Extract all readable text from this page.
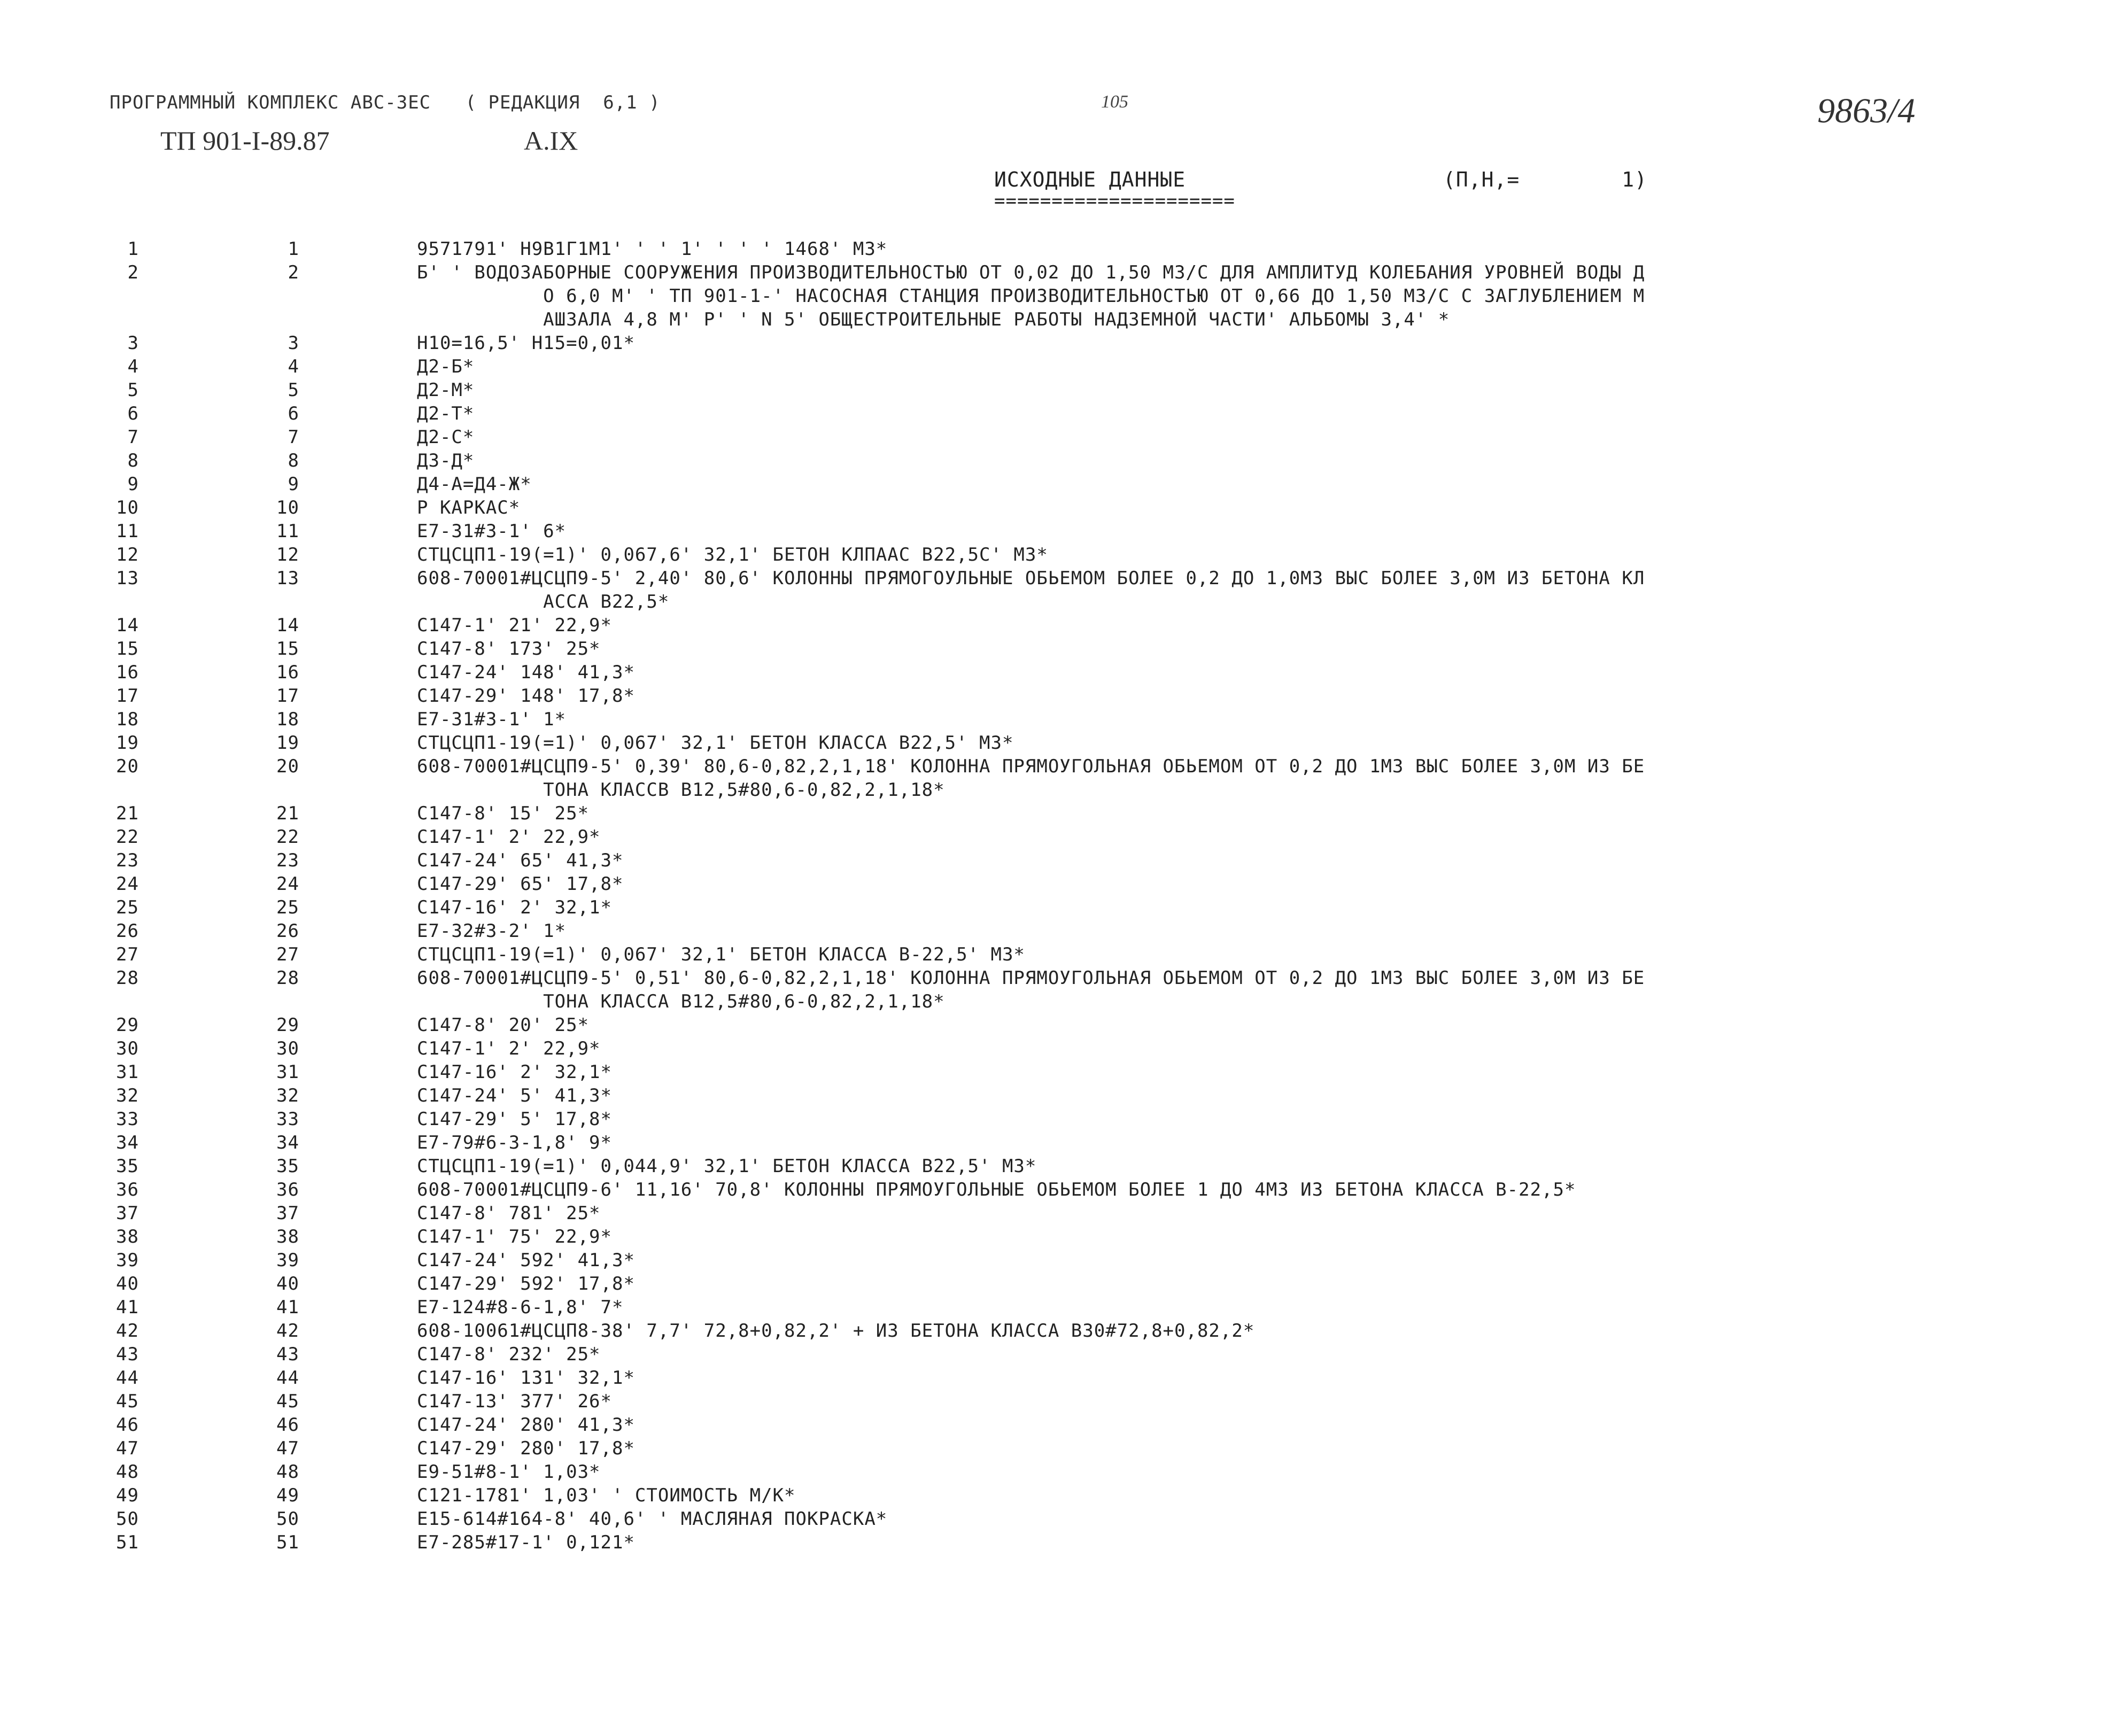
ПРОГРАММНЫЙ КОМПЛЕКС АВС-ЗЕС   ( РЕДАКЦИЯ  6,1 )	105	9863/4
ТП 901-I-89.87	А.IX
ИСХОДНЫЕ ДАННЫЕ
=====================
(П,Н,=        1)
1	1	9571791' Н9В1Г1М1' ' ' 1' ' ' ' 1468' М3*
2	2	Б' ' ВОДОЗАБОРНЫЕ СООРУЖЕНИЯ ПРОИЗВОДИТЕЛЬНОСТЬЮ ОТ 0,02 ДО 1,50 М3/С ДЛЯ АМПЛИТУД КОЛЕБАНИЯ УРОВНЕЙ ВОДЫ Д
О 6,0 М' ' ТП 901-1-' НАСОСНАЯ СТАНЦИЯ ПРОИЗВОДИТЕЛЬНОСТЬЮ ОТ 0,66 ДО 1,50 М3/С С ЗАГЛУБЛЕНИЕМ М
АШЗАЛА 4,8 М' Р' ' N 5' ОБЩЕСТРОИТЕЛЬНЫЕ РАБОТЫ НАДЗЕМНОЙ ЧАСТИ' АЛЬБОМЫ 3,4' *
3	3	Н10=16,5' Н15=0,01*
4	4	Д2-Б*
5	5	Д2-М*
6	6	Д2-Т*
7	7	Д2-С*
8	8	Д3-Д*
9	9	Д4-А=Д4-Ж*
10	10	Р КАРКАС*
11	11	Е7-31#3-1' 6*
12	12	СТЦСЦП1-19(=1)' 0,067,6' 32,1' БЕТОН КЛПААС В22,5С' М3*
13	13	608-70001#ЦСЦП9-5' 2,40' 80,6' КОЛОННЫ ПРЯМОГОУЛЬНЫЕ ОБЬЕМОМ БОЛЕЕ 0,2 ДО 1,0М3 ВЫС БОЛЕЕ 3,0М ИЗ БЕТОНА КЛ
АССА В22,5*
14	14	С147-1' 21' 22,9*
15	15	С147-8' 173' 25*
16	16	С147-24' 148' 41,3*
17	17	С147-29' 148' 17,8*
18	18	Е7-31#3-1' 1*
19	19	СТЦСЦП1-19(=1)' 0,067' 32,1' БЕТОН КЛАССА В22,5' М3*
20	20	608-70001#ЦСЦП9-5' 0,39' 80,6-0,82,2,1,18' КОЛОННА ПРЯМОУГОЛЬНАЯ ОБЬЕМОМ ОТ 0,2 ДО 1М3 ВЫС БОЛЕЕ 3,0М ИЗ БЕ
ТОНА КЛАССВ В12,5#80,6-0,82,2,1,18*
21	21	С147-8' 15' 25*
22	22	С147-1' 2' 22,9*
23	23	С147-24' 65' 41,3*
24	24	С147-29' 65' 17,8*
25	25	С147-16' 2' 32,1*
26	26	Е7-32#3-2' 1*
27	27	СТЦСЦП1-19(=1)' 0,067' 32,1' БЕТОН КЛАССА В-22,5' М3*
28	28	608-70001#ЦСЦП9-5' 0,51' 80,6-0,82,2,1,18' КОЛОННА ПРЯМОУГОЛЬНАЯ ОБЬЕМОМ ОТ 0,2 ДО 1М3 ВЫС БОЛЕЕ 3,0М ИЗ БЕ
ТОНА КЛАССА В12,5#80,6-0,82,2,1,18*
29	29	С147-8' 20' 25*
30	30	С147-1' 2' 22,9*
31	31	С147-16' 2' 32,1*
32	32	С147-24' 5' 41,3*
33	33	С147-29' 5' 17,8*
34	34	Е7-79#6-3-1,8' 9*
35	35	СТЦСЦП1-19(=1)' 0,044,9' 32,1' БЕТОН КЛАССА В22,5' М3*
36	36	608-70001#ЦСЦП9-6' 11,16' 70,8' КОЛОННЫ ПРЯМОУГОЛЬНЫЕ ОБЬЕМОМ БОЛЕЕ 1 ДО 4М3 ИЗ БЕТОНА КЛАССА В-22,5*
37	37	С147-8' 781' 25*
38	38	С147-1' 75' 22,9*
39	39	С147-24' 592' 41,3*
40	40	С147-29' 592' 17,8*
41	41	Е7-124#8-6-1,8' 7*
42	42	608-10061#ЦСЦП8-38' 7,7' 72,8+0,82,2' + ИЗ БЕТОНА КЛАССА В30#72,8+0,82,2*
43	43	С147-8' 232' 25*
44	44	С147-16' 131' 32,1*
45	45	С147-13' 377' 26*
46	46	С147-24' 280' 41,3*
47	47	С147-29' 280' 17,8*
48	48	Е9-51#8-1' 1,03*
49	49	С121-1781' 1,03' ' СТОИМОСТЬ М/К*
50	50	Е15-614#164-8' 40,6' ' МАСЛЯНАЯ ПОКРАСКА*
51	51	Е7-285#17-1' 0,121*
